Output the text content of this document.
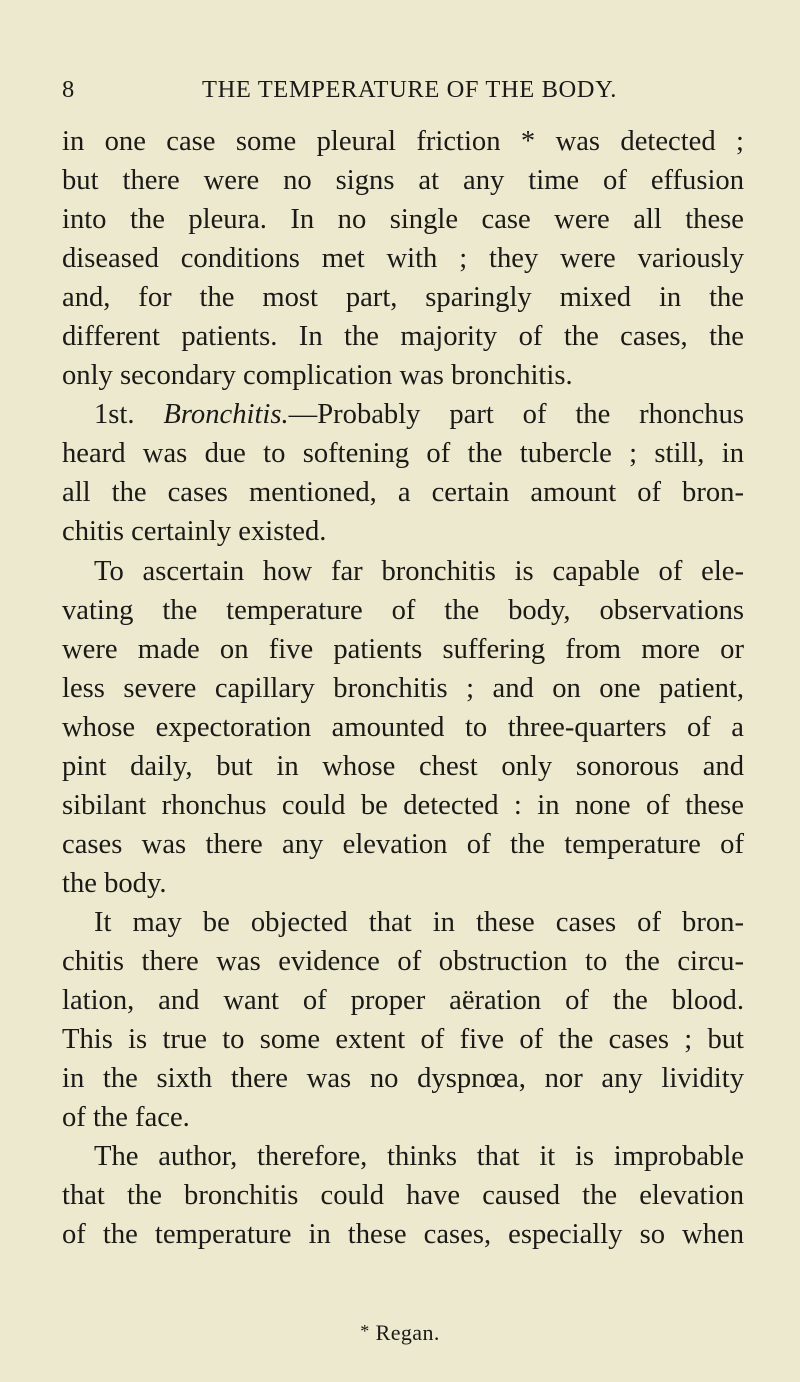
8	THE TEMPERATURE OF THE BODY.
in one case some pleural friction * was detected ;
but there were no signs at any time of effusion
into the pleura. In no single case were all these
diseased conditions met with ; they were variously
and, for the most part, sparingly mixed in the
different patients. In the majority of the cases, the
only secondary complication was bronchitis.
1st. Bronchitis.—Probably part of the rhonchus
heard was due to softening of the tubercle ; still, in
all the cases mentioned, a certain amount of bron-
chitis certainly existed.
To ascertain how far bronchitis is capable of ele-
vating the temperature of the body, observations
were made on five patients suffering from more or
less severe capillary bronchitis ; and on one patient,
whose expectoration amounted to three-quarters of a
pint daily, but in whose chest only sonorous and
sibilant rhonchus could be detected : in none of these
cases was there any elevation of the temperature of
the body.
It may be objected that in these cases of bron-
chitis there was evidence of obstruction to the circu-
lation, and want of proper aëration of the blood.
This is true to some extent of five of the cases ; but
in the sixth there was no dyspnœa, nor any lividity
of the face.
The author, therefore, thinks that it is improbable
that the bronchitis could have caused the elevation
of the temperature in these cases, especially so when
* Regan.
